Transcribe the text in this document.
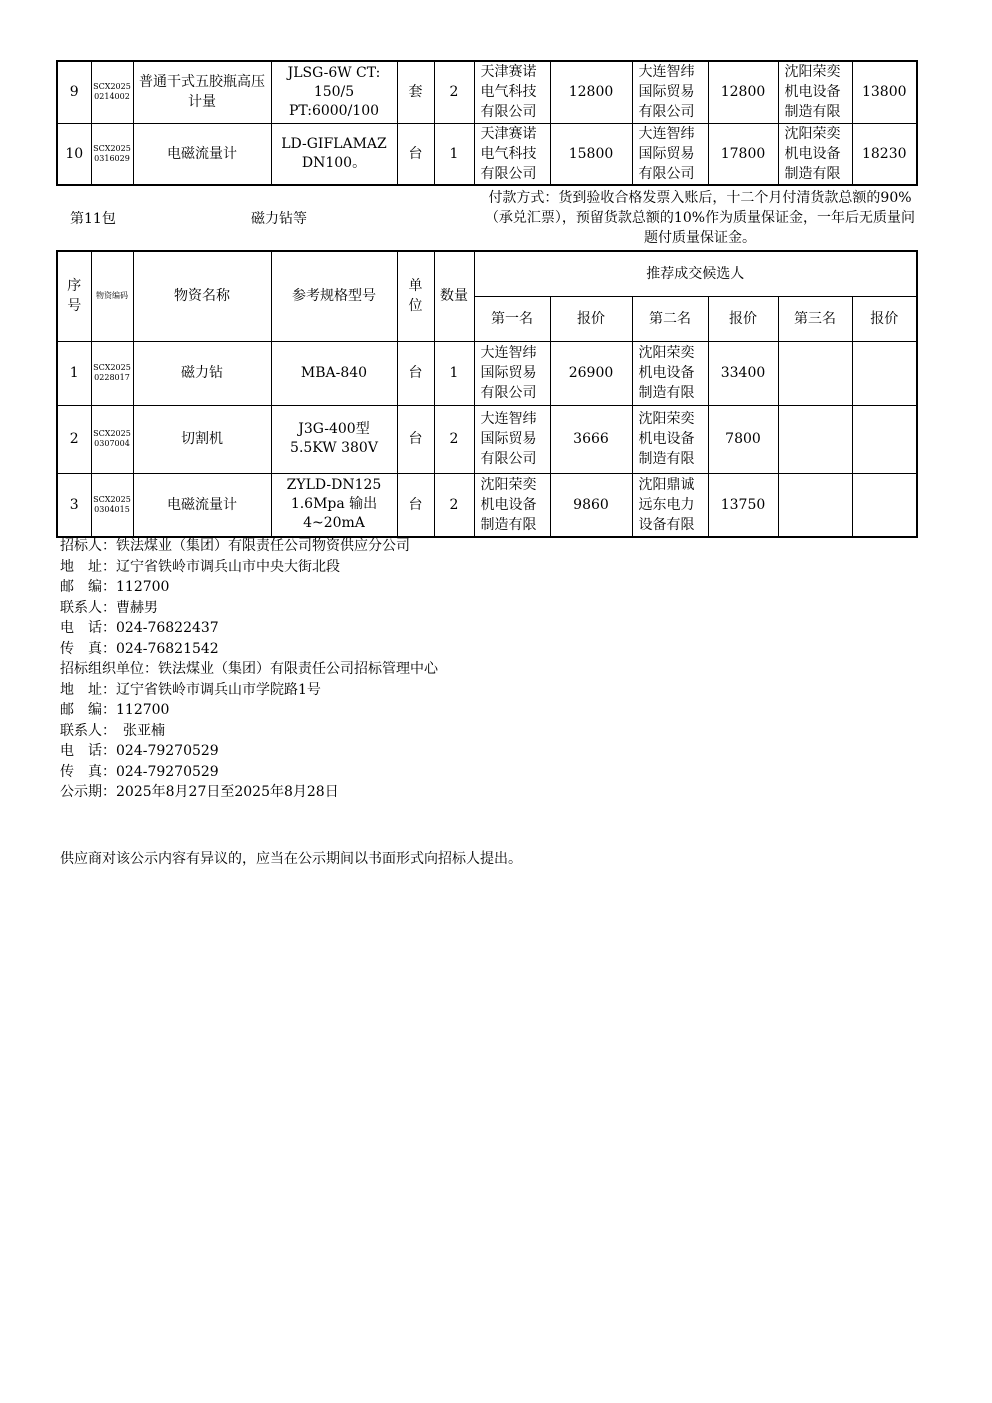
9	SCX20250214002	普通干式五胶瓶高压计量	JLSG-6W CT: 150/5 PT:6000/100	套	2	天津赛诺电气科技有限公司	12800	大连智纬国际贸易有限公司	12800	沈阳荣奕机电设备制造有限	13800
10	SCX20250316029	电磁流量计	LD-GIFLAMAZ DN100。	台	1	天津赛诺电气科技有限公司	15800	大连智纬国际贸易有限公司	17800	沈阳荣奕机电设备制造有限	18230
第11包	磁力钻等
付款方式：货到验收合格发票入账后，十二个月付清货款总额的90%（承兑汇票），预留货款总额的10%作为质量保证金，一年后无质量问题付质量保证金。
序号	物资编码	物资名称	参考规格型号	单位	数量	推荐成交候选人					
						第一名	报价	第二名	报价	第三名	报价
1	SCX20250228017	磁力钻	MBA-840	台	1	大连智纬国际贸易有限公司	26900	沈阳荣奕机电设备制造有限	33400		
2	SCX20250307004	切割机	J3G-400型 5.5KW 380V	台	2	大连智纬国际贸易有限公司	3666	沈阳荣奕机电设备制造有限	7800		
3	SCX20250304015	电磁流量计	ZYLD-DN125 1.6Mpa 输出4~20mA	台	2	沈阳荣奕机电设备制造有限	9860	沈阳鼎诚远东电力设备有限	13750		
招标人：铁法煤业（集团）有限责任公司物资供应分公司
地　址：辽宁省铁岭市调兵山市中央大街北段
邮　编：112700
联系人：曹赫男
电　话：024-76822437
传　真：024-76821542
招标组织单位：铁法煤业（集团）有限责任公司招标管理中心
地　址：辽宁省铁岭市调兵山市学院路1号
邮　编：112700
联系人：　张亚楠
电　话：024-79270529
传　真：024-79270529
公示期：2025年8月27日至2025年8月28日
供应商对该公示内容有异议的，应当在公示期间以书面形式向招标人提出。
